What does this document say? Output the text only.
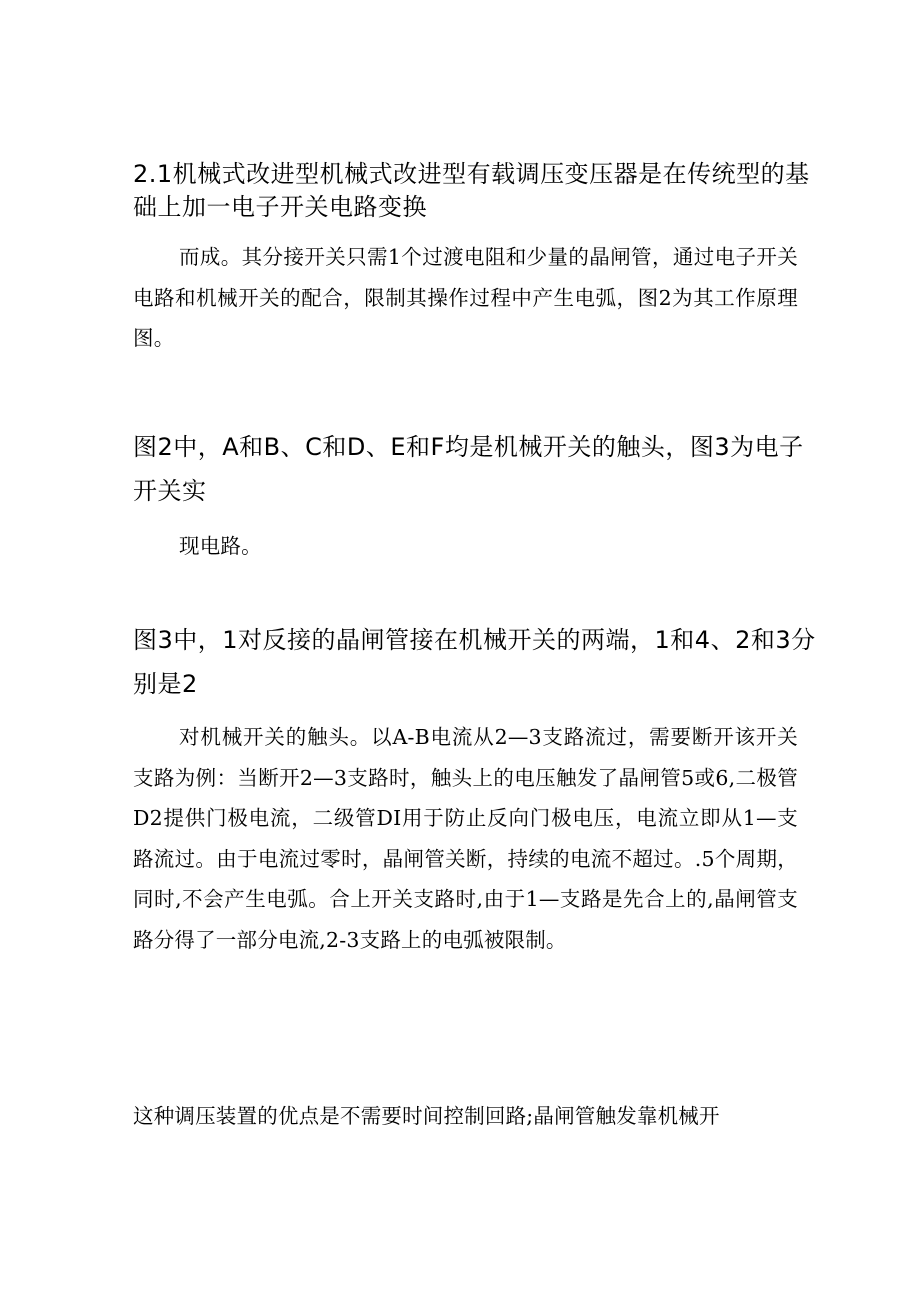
2.1机械式改进型机械式改进型有载调压变压器是在传统型的基础上加一电子开关电路变换

而成。其分接开关只需1个过渡电阻和少量的晶闸管，通过电子开关电路和机械开关的配合，限制其操作过程中产生电弧，图2为其工作原理图。

图2中，A和B、C和D、E和F均是机械开关的触头，图3为电子开关实

现电路。

图3中，1对反接的晶闸管接在机械开关的两端，1和4、2和3分别是2

对机械开关的触头。以A-B电流从2—3支路流过，需要断开该开关支路为例：当断开2—3支路时，触头上的电压触发了晶闸管5或6,二极管D2提供门极电流，二级管DI用于防止反向门极电压，电流立即从1—支路流过。由于电流过零时，晶闸管关断，持续的电流不超过。.5个周期，同时,不会产生电弧。合上开关支路时,由于1—支路是先合上的,晶闸管支路分得了一部分电流,2-3支路上的电弧被限制。

这种调压装置的优点是不需要时间控制回路;晶闸管触发靠机械开
